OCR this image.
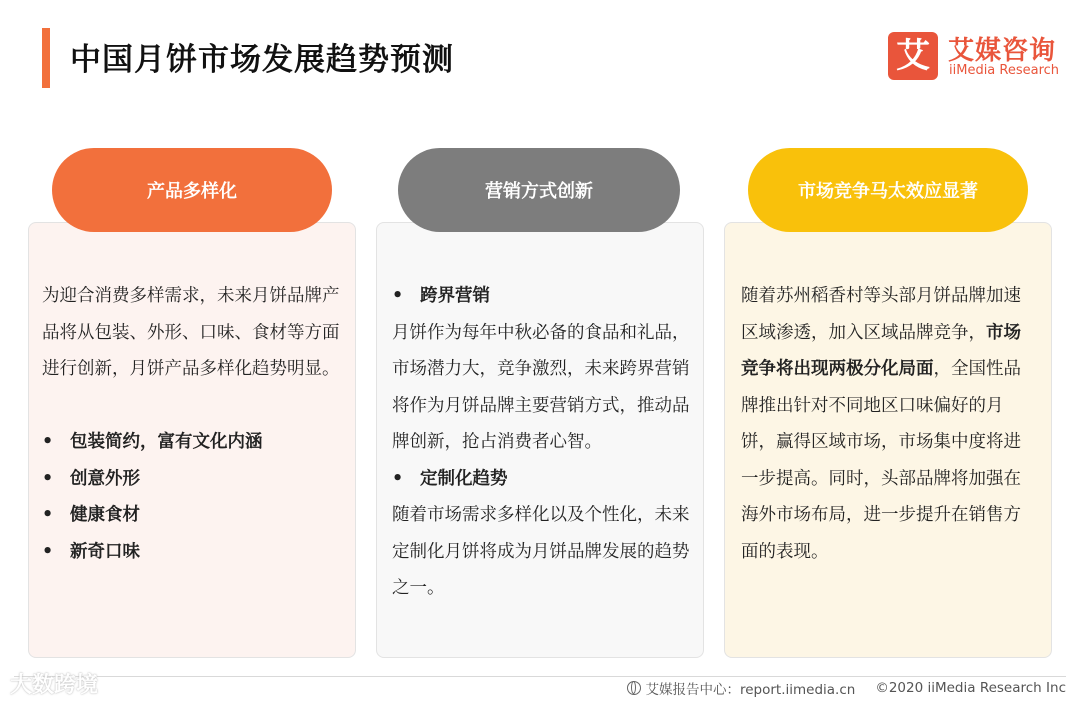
中国月饼市场发展趋势预测	艾 艾媒咨询
iiMedia Research
产品多样化	营销方式创新	市场竞争马太效应显著
为迎合消费多样需求，未来月饼品牌产品将从包装、外形、口味、食材等方面进行创新，月饼产品多样化趋势明显。
• 包装简约，富有文化内涵
• 创意外形
• 健康食材
• 新奇口味
• 跨界营销
月饼作为每年中秋必备的食品和礼品，市场潜力大，竞争激烈，未来跨界营销将作为月饼品牌主要营销方式，推动品牌创新，抢占消费者心智。
• 定制化趋势
随着市场需求多样化以及个性化，未来定制化月饼将成为月饼品牌发展的趋势之一。
随着苏州稻香村等头部月饼品牌加速区域渗透，加入区域品牌竞争，市场竞争将出现两极分化局面，全国性品牌推出针对不同地区口味偏好的月饼，赢得区域市场，市场集中度将进一步提高。同时，头部品牌将加强在海外市场布局，进一步提升在销售方面的表现。
大数跨境	艾媒报告中心：report.iimedia.cn ©2020 iiMedia Research Inc
